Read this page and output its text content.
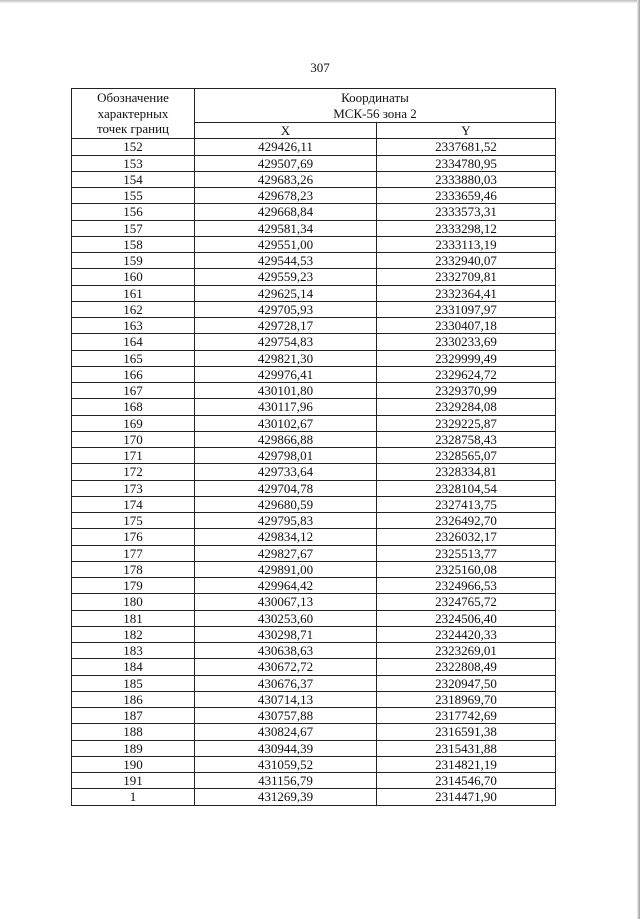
307
Обозначение
характерных
точек границ	Координаты
МСК-56 зона 2	
	X	Y
152	429426,11	2337681,52
153	429507,69	2334780,95
154	429683,26	2333880,03
155	429678,23	2333659,46
156	429668,84	2333573,31
157	429581,34	2333298,12
158	429551,00	2333113,19
159	429544,53	2332940,07
160	429559,23	2332709,81
161	429625,14	2332364,41
162	429705,93	2331097,97
163	429728,17	2330407,18
164	429754,83	2330233,69
165	429821,30	2329999,49
166	429976,41	2329624,72
167	430101,80	2329370,99
168	430117,96	2329284,08
169	430102,67	2329225,87
170	429866,88	2328758,43
171	429798,01	2328565,07
172	429733,64	2328334,81
173	429704,78	2328104,54
174	429680,59	2327413,75
175	429795,83	2326492,70
176	429834,12	2326032,17
177	429827,67	2325513,77
178	429891,00	2325160,08
179	429964,42	2324966,53
180	430067,13	2324765,72
181	430253,60	2324506,40
182	430298,71	2324420,33
183	430638,63	2323269,01
184	430672,72	2322808,49
185	430676,37	2320947,50
186	430714,13	2318969,70
187	430757,88	2317742,69
188	430824,67	2316591,38
189	430944,39	2315431,88
190	431059,52	2314821,19
191	431156,79	2314546,70
1	431269,39	2314471,90
